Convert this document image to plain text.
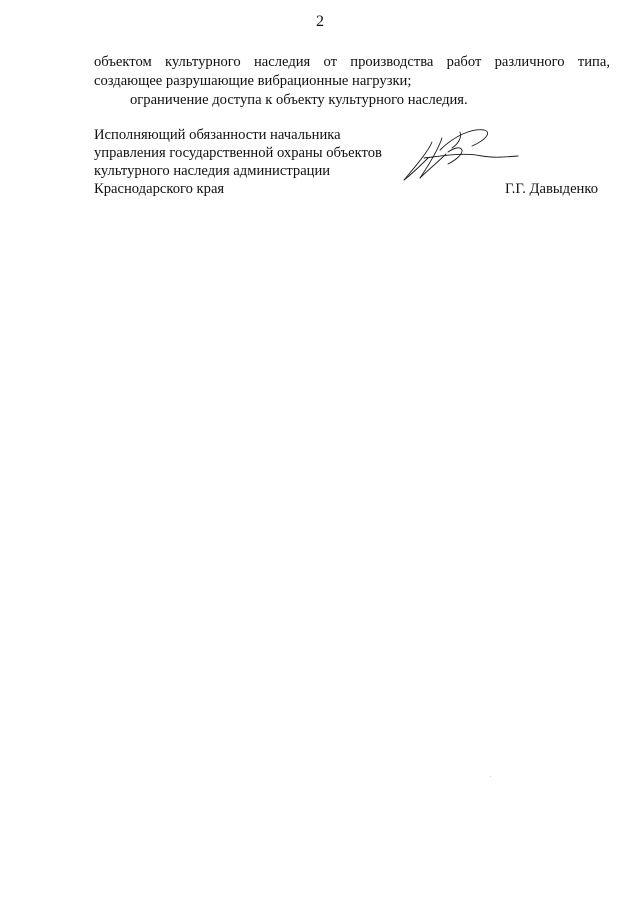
2

объектом культурного наследия от производства работ различного типа,
создающее разрушающие вибрационные нагрузки;

ограничение доступа к объекту культурного наследия.

Исполняющий обязанности начальника
управления государственной охраны объектов
культурного наследия администрации
Краснодарского края	Г.Г. Давыденко
